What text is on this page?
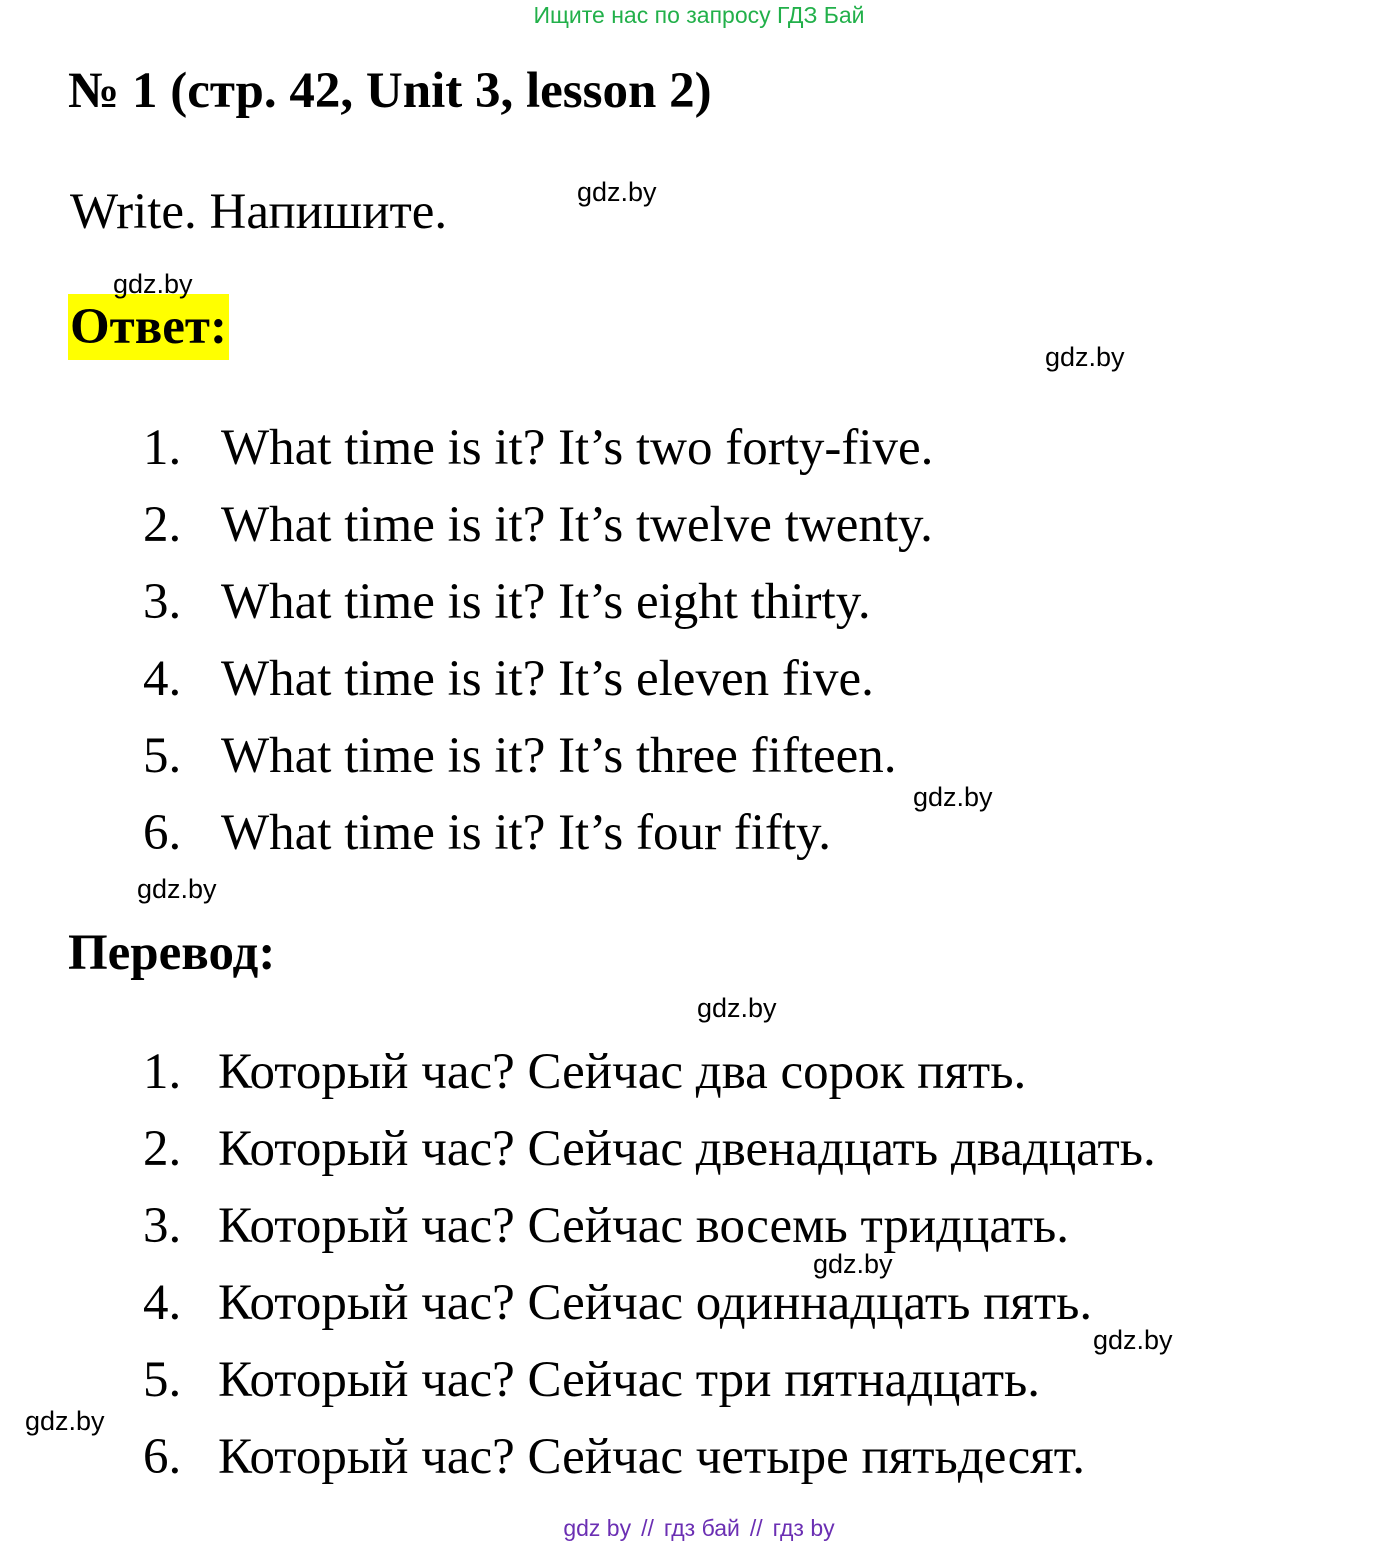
Ищите нас по запросу ГДЗ Бай
№ 1 (стр. 42, Unit 3, lesson 2)
Write. Напишите.
Ответ:
1. What time is it? It’s two forty-five.
2. What time is it? It’s twelve twenty.
3. What time is it? It’s eight thirty.
4. What time is it? It’s eleven five.
5. What time is it? It’s three fifteen.
6. What time is it? It’s four fifty.
Перевод:
1. Который час? Сейчас два сорок пять.
2. Который час? Сейчас двенадцать двадцать.
3. Который час? Сейчас восемь тридцать.
4. Который час? Сейчас одиннадцать пять.
5. Который час? Сейчас три пятнадцать.
6. Который час? Сейчас четыре пятьдесят.
gdz.by
gdz.by
gdz.by
gdz.by
gdz.by
gdz.by
gdz.by
gdz.by
gdz.by
gdz by // гдз бай // гдз by
